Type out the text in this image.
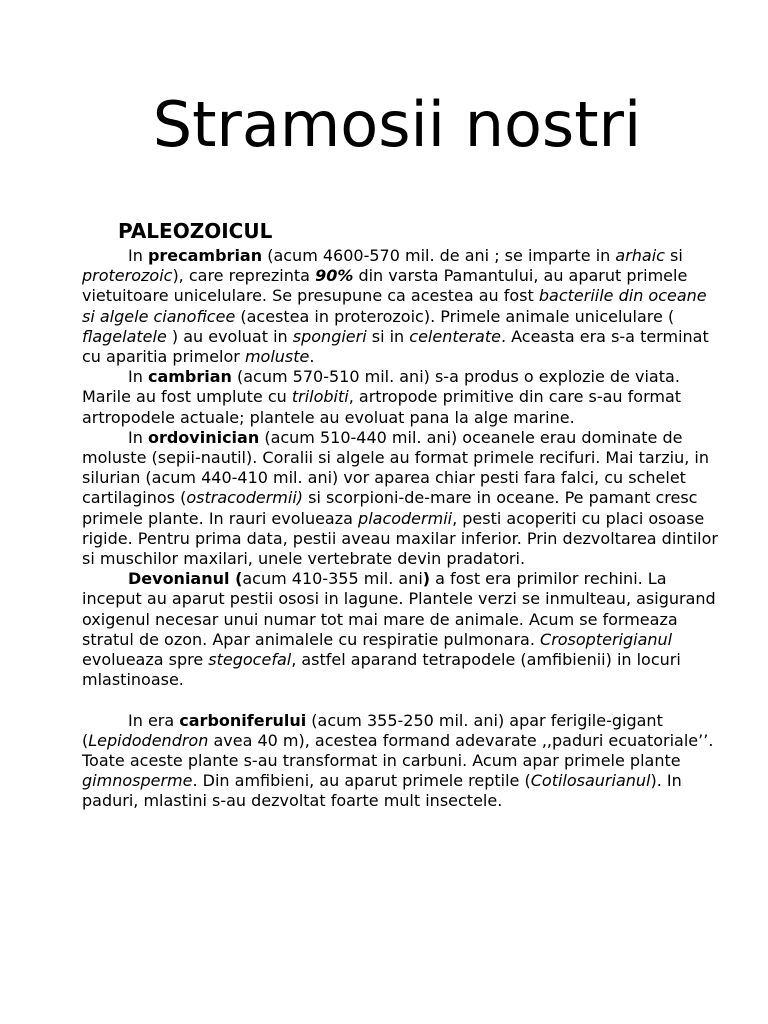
Stramosii nostri
PALEOZOICUL

In precambrian (acum 4600-570 mil. de ani ; se imparte in arhaic si proterozoic), care reprezinta 90% din varsta Pamantului, au aparut primele vietuitoare unicelulare. Se presupune ca acestea au fost bacteriile din oceane si algele cianoficee (acestea in proterozoic). Primele animale unicelulare ( flagelatele ) au evoluat in spongieri si in celenterate. Aceasta era s-a terminat cu aparitia primelor moluste.

In cambrian (acum 570-510 mil. ani) s-a produs o explozie de viata. Marile au fost umplute cu trilobiti, artropode primitive din care s-au format artropodele actuale; plantele au evoluat pana la alge marine.

In ordovinician (acum 510-440 mil. ani) oceanele erau dominate de moluste (sepii-nautil). Coralii si algele au format primele recifuri. Mai tarziu, in silurian (acum 440-410 mil. ani) vor aparea chiar pesti fara falci, cu schelet cartilaginos (ostracodermii) si scorpioni-de-mare in oceane. Pe pamant cresc primele plante. In rauri evolueaza placodermii, pesti acoperiti cu placi osoase rigide. Pentru prima data, pestii aveau maxilar inferior. Prin dezvoltarea dintilor si muschilor maxilari, unele vertebrate devin pradatori.

Devonianul (acum 410-355 mil. ani) a fost era primilor rechini. La inceput au aparut pestii ososi in lagune. Plantele verzi se inmulteau, asigurand oxigenul necesar unui numar tot mai mare de animale. Acum se formeaza stratul de ozon. Apar animalele cu respiratie pulmonara. Crosopterigianul evolueaza spre stegocefal, astfel aparand tetrapodele (amfibienii) in locuri mlastinoase.

In era carboniferului (acum 355-250 mil. ani) apar ferigile-gigant (Lepidodendron avea 40 m), acestea formand adevarate ,,paduri ecuatoriale’’. Toate aceste plante s-au transformat in carbuni. Acum apar primele plante gimnosperme. Din amfibieni, au aparut primele reptile (Cotilosaurianul). In paduri, mlastini s-au dezvoltat foarte mult insectele.
